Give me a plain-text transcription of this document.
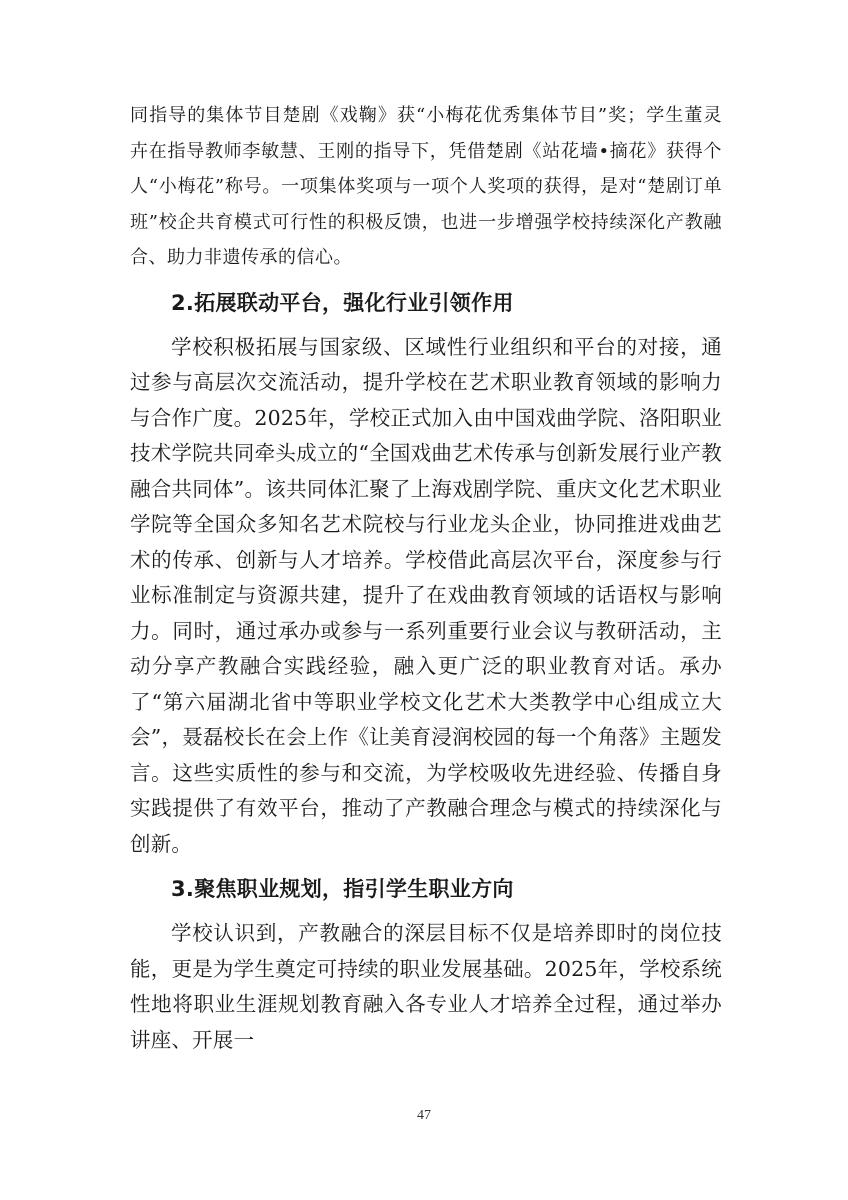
同指导的集体节目楚剧《戏鞠》获“小梅花优秀集体节目”奖；学生董灵卉在指导教师李敏慧、王刚的指导下，凭借楚剧《站花墙•摘花》获得个人“小梅花”称号。一项集体奖项与一项个人奖项的获得，是对“楚剧订单班”校企共育模式可行性的积极反馈，也进一步增强学校持续深化产教融合、助力非遗传承的信心。

2.拓展联动平台，强化行业引领作用

学校积极拓展与国家级、区域性行业组织和平台的对接，通过参与高层次交流活动，提升学校在艺术职业教育领域的影响力与合作广度。2025年，学校正式加入由中国戏曲学院、洛阳职业技术学院共同牵头成立的“全国戏曲艺术传承与创新发展行业产教融合共同体”。该共同体汇聚了上海戏剧学院、重庆文化艺术职业学院等全国众多知名艺术院校与行业龙头企业，协同推进戏曲艺术的传承、创新与人才培养。学校借此高层次平台，深度参与行业标准制定与资源共建，提升了在戏曲教育领域的话语权与影响力。同时，通过承办或参与一系列重要行业会议与教研活动，主动分享产教融合实践经验，融入更广泛的职业教育对话。承办了“第六届湖北省中等职业学校文化艺术大类教学中心组成立大会”，聂磊校长在会上作《让美育浸润校园的每一个角落》主题发言。这些实质性的参与和交流，为学校吸收先进经验、传播自身实践提供了有效平台，推动了产教融合理念与模式的持续深化与创新。

3.聚焦职业规划，指引学生职业方向

学校认识到，产教融合的深层目标不仅是培养即时的岗位技能，更是为学生奠定可持续的职业发展基础。2025年，学校系统性地将职业生涯规划教育融入各专业人才培养全过程，通过举办讲座、开展一

47
